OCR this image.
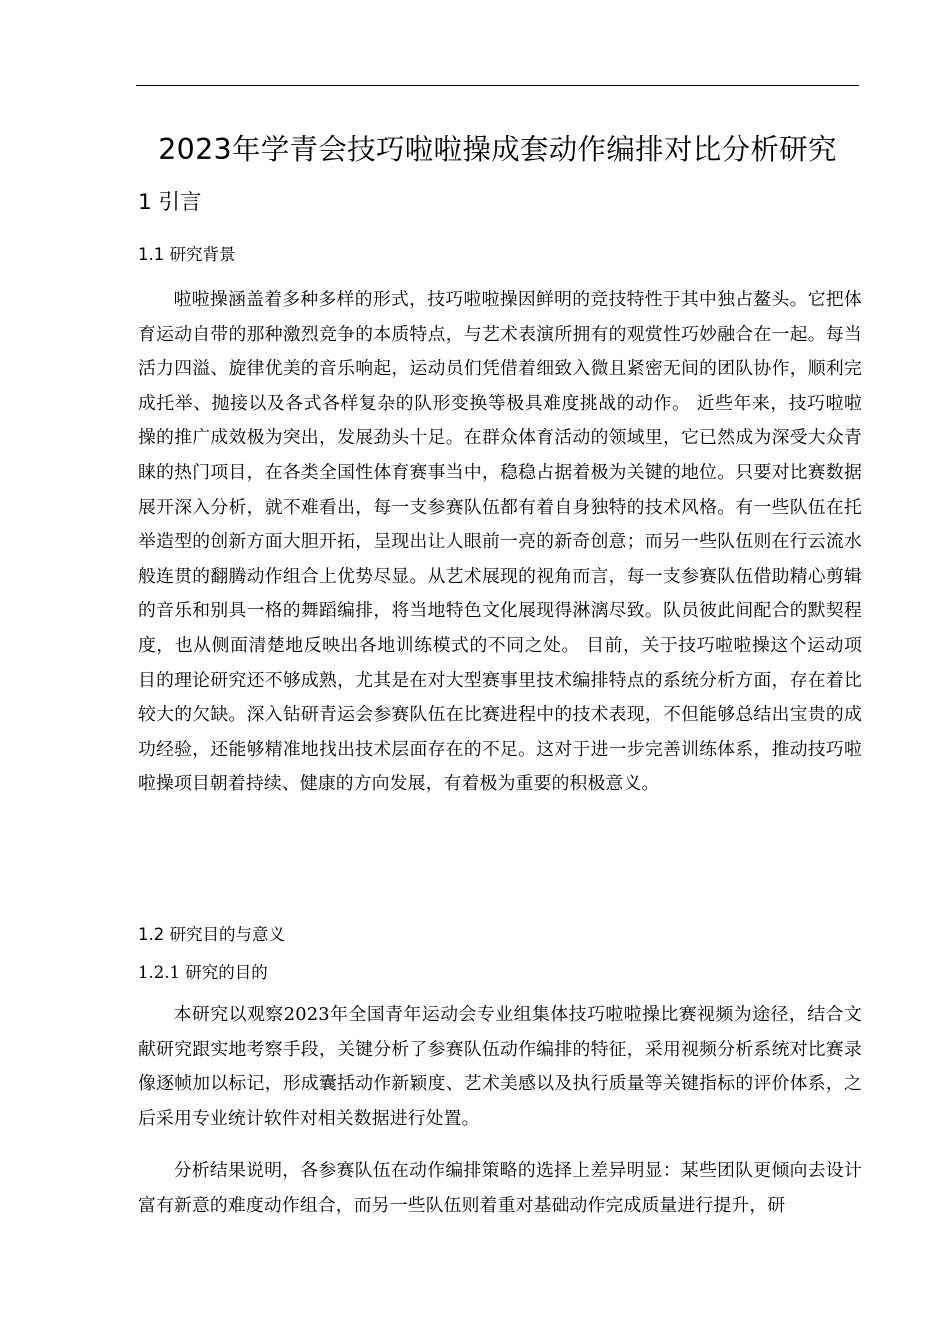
2023年学青会技巧啦啦操成套动作编排对比分析研究
1 引言
1.1 研究背景

啦啦操涵盖着多种多样的形式，技巧啦啦操因鲜明的竞技特性于其中独占鳌头。它把体育运动自带的那种激烈竞争的本质特点，与艺术表演所拥有的观赏性巧妙融合在一起。每当活力四溢、旋律优美的音乐响起，运动员们凭借着细致入微且紧密无间的团队协作，顺利完成托举、抛接以及各式各样复杂的队形变换等极具难度挑战的动作。 近些年来，技巧啦啦操的推广成效极为突出，发展劲头十足。在群众体育活动的领域里，它已然成为深受大众青睐的热门项目，在各类全国性体育赛事当中，稳稳占据着极为关键的地位。只要对比赛数据展开深入分析，就不难看出，每一支参赛队伍都有着自身独特的技术风格。有一些队伍在托举造型的创新方面大胆开拓，呈现出让人眼前一亮的新奇创意；而另一些队伍则在行云流水般连贯的翻腾动作组合上优势尽显。从艺术展现的视角而言，每一支参赛队伍借助精心剪辑的音乐和别具一格的舞蹈编排，将当地特色文化展现得淋漓尽致。队员彼此间配合的默契程度，也从侧面清楚地反映出各地训练模式的不同之处。 目前，关于技巧啦啦操这个运动项目的理论研究还不够成熟，尤其是在对大型赛事里技术编排特点的系统分析方面，存在着比较大的欠缺。深入钻研青运会参赛队伍在比赛进程中的技术表现，不但能够总结出宝贵的成功经验，还能够精准地找出技术层面存在的不足。这对于进一步完善训练体系，推动技巧啦啦操项目朝着持续、健康的方向发展，有着极为重要的积极意义。

1.2 研究目的与意义
1.2.1 研究的目的

本研究以观察2023年全国青年运动会专业组集体技巧啦啦操比赛视频为途径，结合文献研究跟实地考察手段，关键分析了参赛队伍动作编排的特征，采用视频分析系统对比赛录像逐帧加以标记，形成囊括动作新颖度、艺术美感以及执行质量等关键指标的评价体系，之后采用专业统计软件对相关数据进行处置。

分析结果说明，各参赛队伍在动作编排策略的选择上差异明显：某些团队更倾向去设计富有新意的难度动作组合，而另一些队伍则着重对基础动作完成质量进行提升，研
